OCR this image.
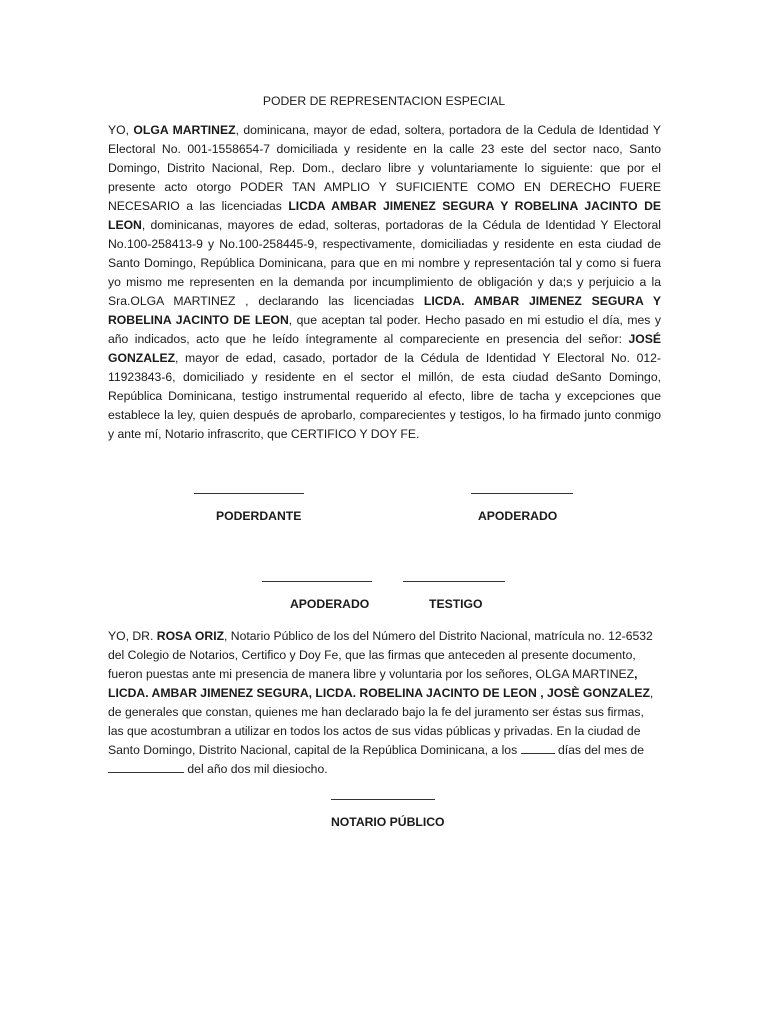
PODER DE REPRESENTACION ESPECIAL

YO, OLGA MARTINEZ, dominicana, mayor de edad, soltera, portadora de la Cedula de Identidad Y Electoral No. 001-1558654-7 domiciliada y residente en la calle 23 este del sector naco, Santo Domingo, Distrito Nacional, Rep. Dom., declaro libre y voluntariamente lo siguiente: que por el presente acto otorgo PODER TAN AMPLIO Y SUFICIENTE COMO EN DERECHO FUERE NECESARIO a las licenciadas LICDA AMBAR JIMENEZ SEGURA Y ROBELINA JACINTO DE LEON, dominicanas, mayores de edad, solteras, portadoras de la Cédula de Identidad Y Electoral No.100-258413-9 y No.100-258445-9, respectivamente, domiciliadas y residente en esta ciudad de Santo Domingo, República Dominicana, para que en mi nombre y representación tal y como si fuera yo mismo me representen en la demanda por incumplimiento de obligación y da;s y perjuicio a la Sra.OLGA MARTINEZ , declarando las licenciadas LICDA. AMBAR JIMENEZ SEGURA Y ROBELINA JACINTO DE LEON, que aceptan tal poder. Hecho pasado en mi estudio el día, mes y año indicados, acto que he leído íntegramente al compareciente en presencia del señor: JOSÉ GONZALEZ, mayor de edad, casado, portador de la Cédula de Identidad Y Electoral No. 012-11923843-6, domiciliado y residente en el sector el millón, de esta ciudad deSanto Domingo, República Dominicana, testigo instrumental requerido al efecto, libre de tacha y excepciones que establece la ley, quien después de aprobarlo, comparecientes y testigos, lo ha firmado junto conmigo y ante mí, Notario infrascrito, que CERTIFICO Y DOY FE.

PODERDANTE	APODERADO
APODERADO	TESTIGO

YO, DR. ROSA ORIZ, Notario Público de los del Número del Distrito Nacional, matrícula no. 12-6532 del Colegio de Notarios, Certifico y Doy Fe, que las firmas que anteceden al presente documento, fueron puestas ante mi presencia de manera libre y voluntaria por los señores, OLGA MARTINEZ, LICDA. AMBAR JIMENEZ SEGURA, LICDA. ROBELINA JACINTO DE LEON , JOSÈ GONZALEZ, de generales que constan, quienes me han declarado bajo la fe del juramento ser éstas sus firmas, las que acostumbran a utilizar en todos los actos de sus vidas públicas y privadas. En la ciudad de Santo Domingo, Distrito Nacional, capital de la República Dominicana, a los	días del mes de  del año dos mil diesiocho.

NOTARIO PÚBLICO
